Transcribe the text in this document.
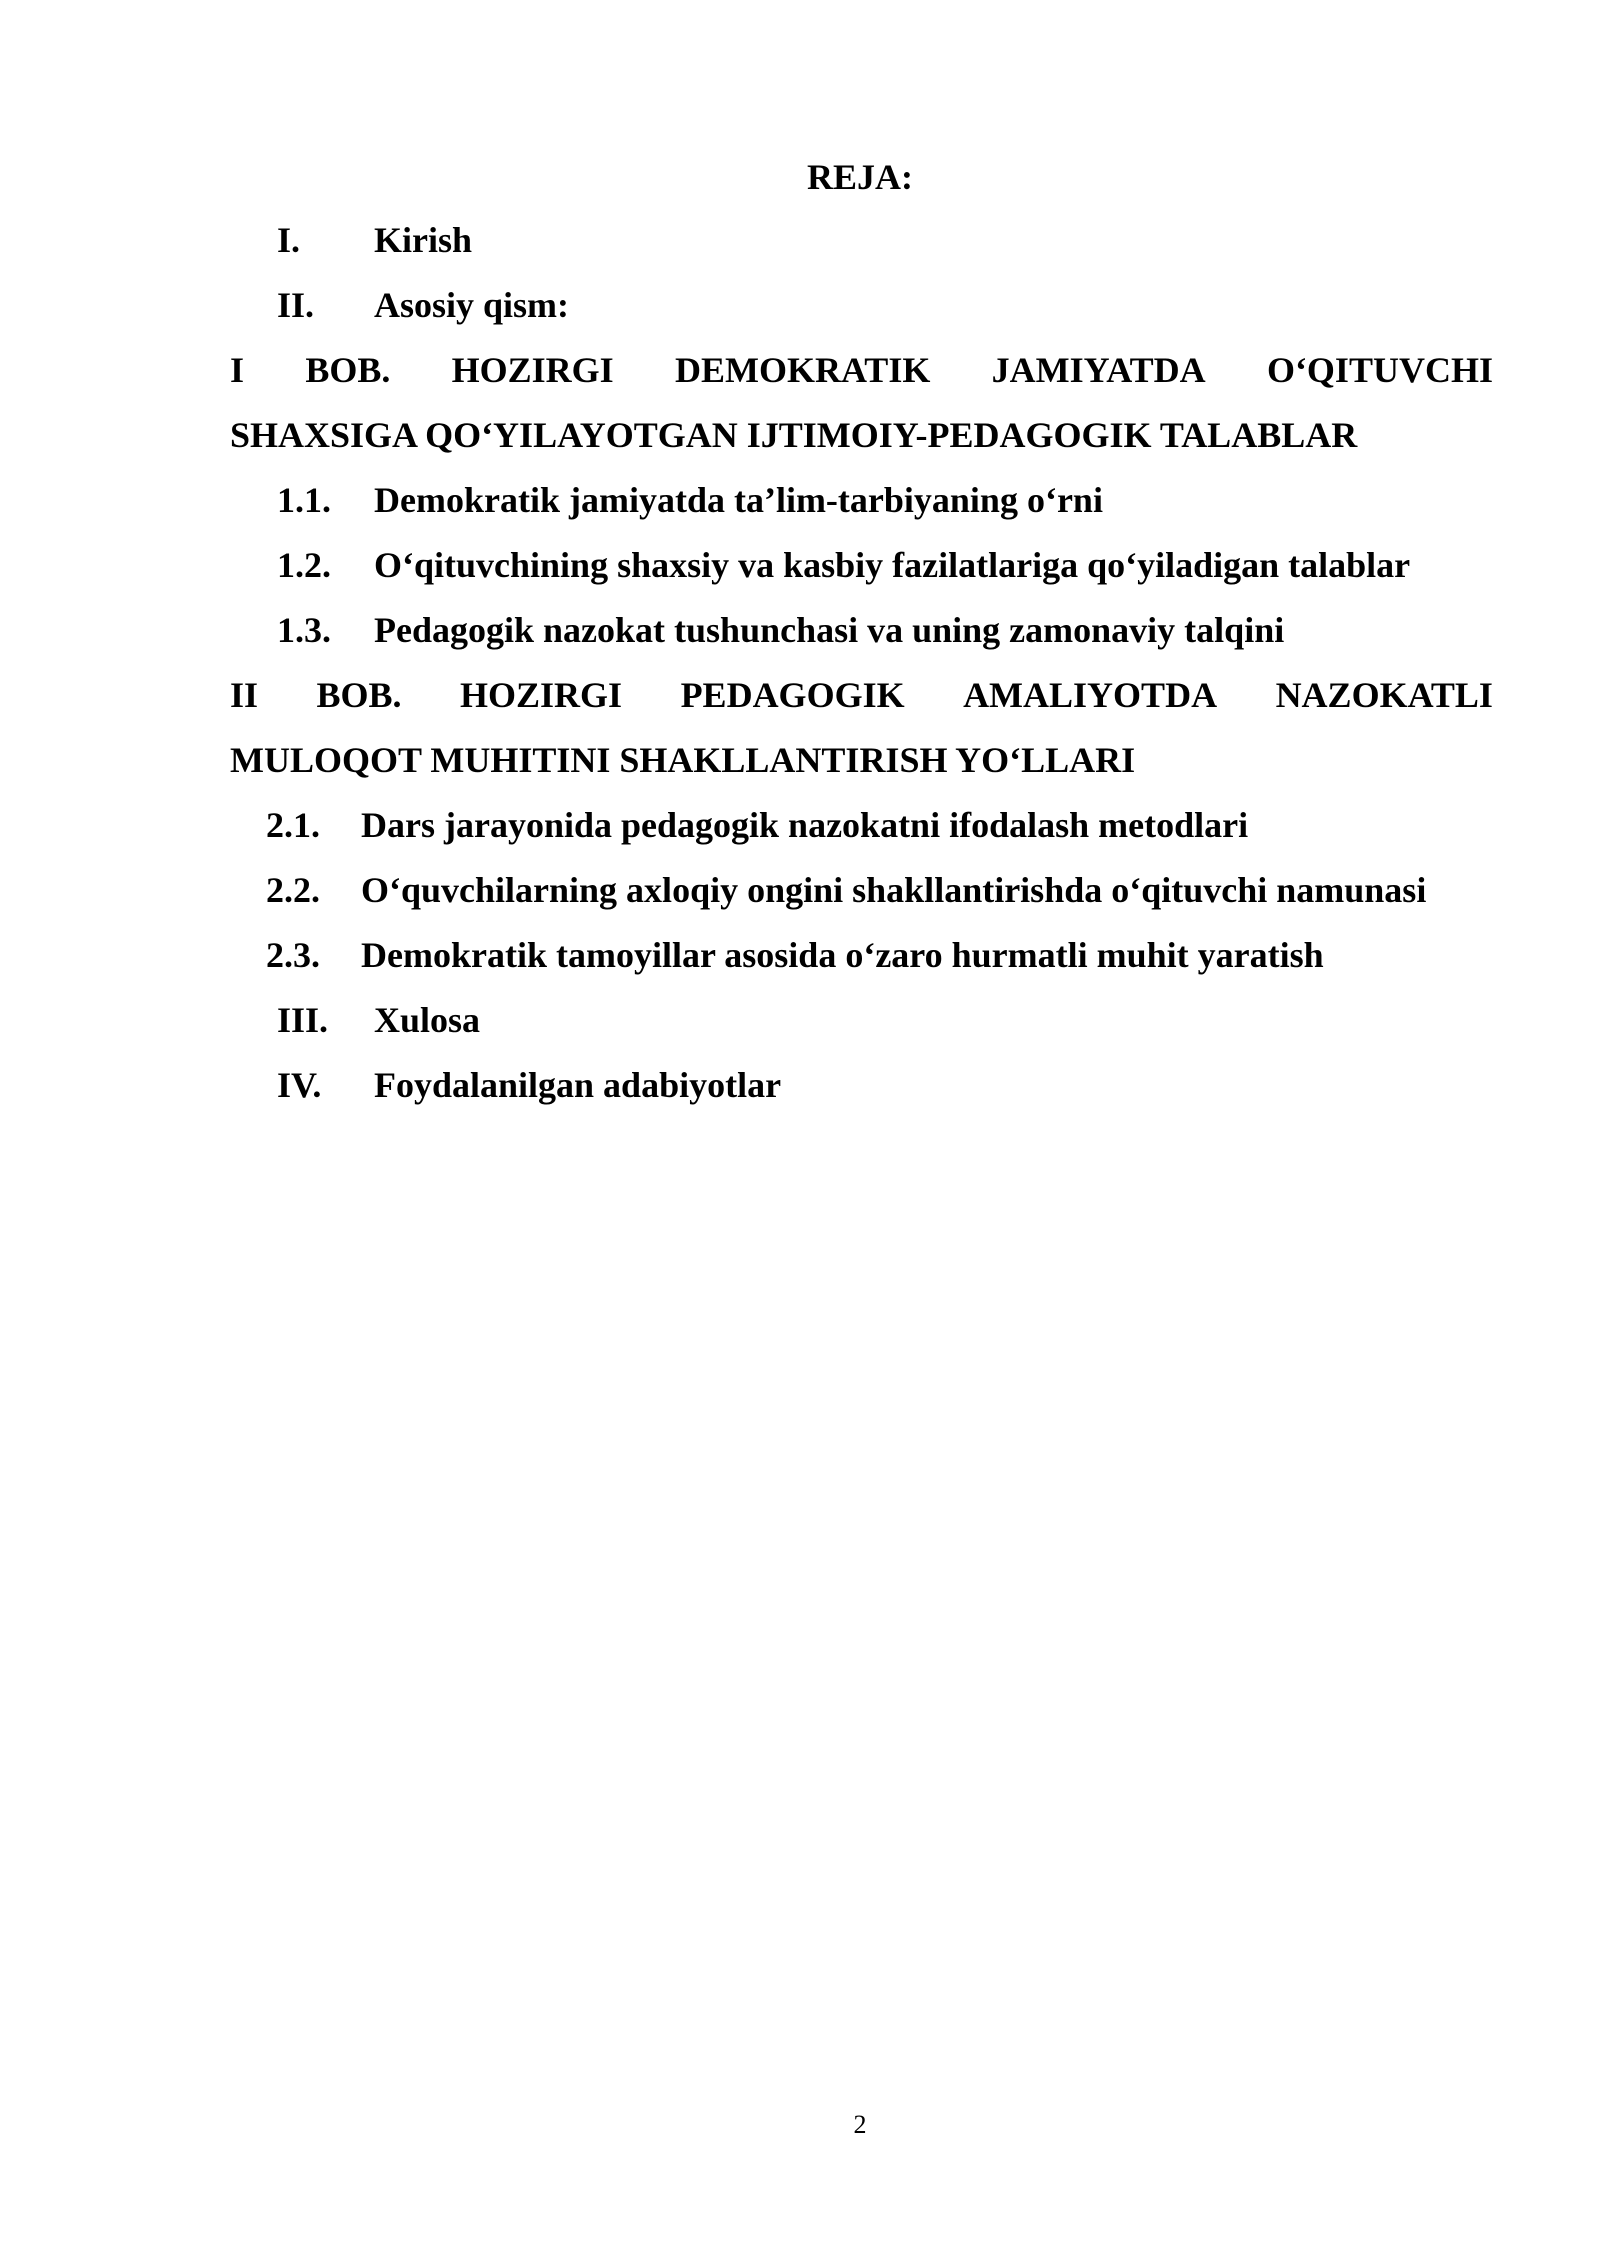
REJA:
I. Kirish
II. Asosiy qism:
I BOB. HOZIRGI DEMOKRATIK JAMIYATDA O‘QITUVCHI
SHAXSIGA QO‘YILAYOTGAN IJTIMOIY-PEDAGOGIK TALABLAR
1.1. Demokratik jamiyatda ta’lim-tarbiyaning o‘rni
1.2. O‘qituvchining shaxsiy va kasbiy fazilatlariga qo‘yiladigan talablar
1.3. Pedagogik nazokat tushunchasi va uning zamonaviy talqini
II BOB. HOZIRGI PEDAGOGIK AMALIYOTDA NAZOKATLI
MULOQOT MUHITINI SHAKLLANTIRISH YO‘LLARI
2.1. Dars jarayonida pedagogik nazokatni ifodalash metodlari
2.2. O‘quvchilarning axloqiy ongini shakllantirishda o‘qituvchi namunasi
2.3. Demokratik tamoyillar asosida o‘zaro hurmatli muhit yaratish
III. Xulosa
IV. Foydalanilgan adabiyotlar
2
